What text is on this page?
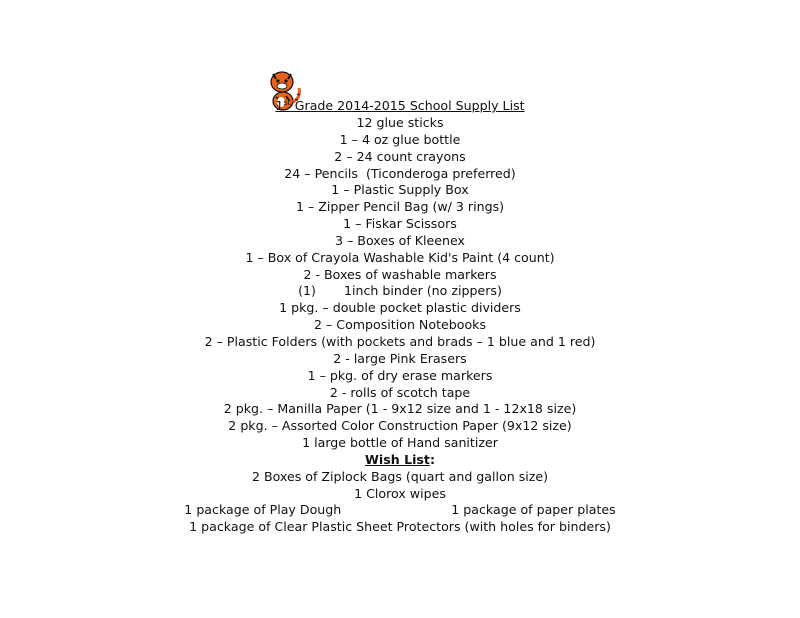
1st Grade 2014-2015 School Supply List
12 glue sticks
1 – 4 oz glue bottle
2 – 24 count crayons
24 – Pencils  (Ticonderoga preferred)
1 – Plastic Supply Box
1 – Zipper Pencil Bag (w/ 3 rings)
1 – Fiskar Scissors
3 – Boxes of Kleenex
1 – Box of Crayola Washable Kid's Paint (4 count)
2 - Boxes of washable markers
(1)       1inch binder (no zippers)
1 pkg. – double pocket plastic dividers
2 – Composition Notebooks
2 – Plastic Folders (with pockets and brads – 1 blue and 1 red)
2 - large Pink Erasers
1 – pkg. of dry erase markers
2 - rolls of scotch tape
2 pkg. – Manilla Paper (1 - 9x12 size and 1 - 12x18 size)
2 pkg. – Assorted Color Construction Paper (9x12 size)
1 large bottle of Hand sanitizer
Wish List:
2 Boxes of Ziplock Bags (quart and gallon size)
1 Clorox wipes
1 package of Play Dough	1 package of paper plates
1 package of Clear Plastic Sheet Protectors (with holes for binders)
